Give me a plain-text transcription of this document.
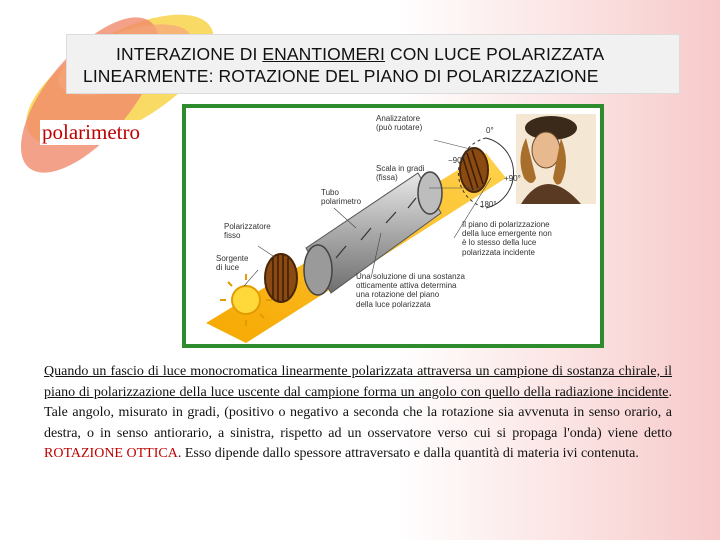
INTERAZIONE DI ENANTIOMERI CON LUCE POLARIZZATA
LINEARMENTE: ROTAZIONE DEL PIANO DI POLARIZZAZIONE
polarimetro
Analizzatore
(può ruotare)
Scala in gradi
(fissa)
Tubo
polarimetro
Polarizzatore
fisso
Sorgente
di luce
Il piano di polarizzazione
della luce emergente non
è lo stesso della luce
polarizzata incidente
Una soluzione di una sostanza
otticamente attiva determina
una rotazione del piano
della luce polarizzata
0°
−90°
+90°
180°
Quando un fascio di luce monocromatica linearmente polarizzata attraversa un campione di sostanza chirale, il piano di polarizzazione della luce uscente dal campione forma un angolo con quello della radiazione incidente. Tale angolo, misurato in gradi, (positivo o negativo a seconda che la rotazione sia avvenuta in senso orario, a destra, o in senso antiorario, a sinistra, rispetto ad un osservatore verso cui si propaga l'onda) viene detto ROTAZIONE OTTICA. Esso dipende dallo spessore attraversato e dalla quantità di materia ivi contenuta.
